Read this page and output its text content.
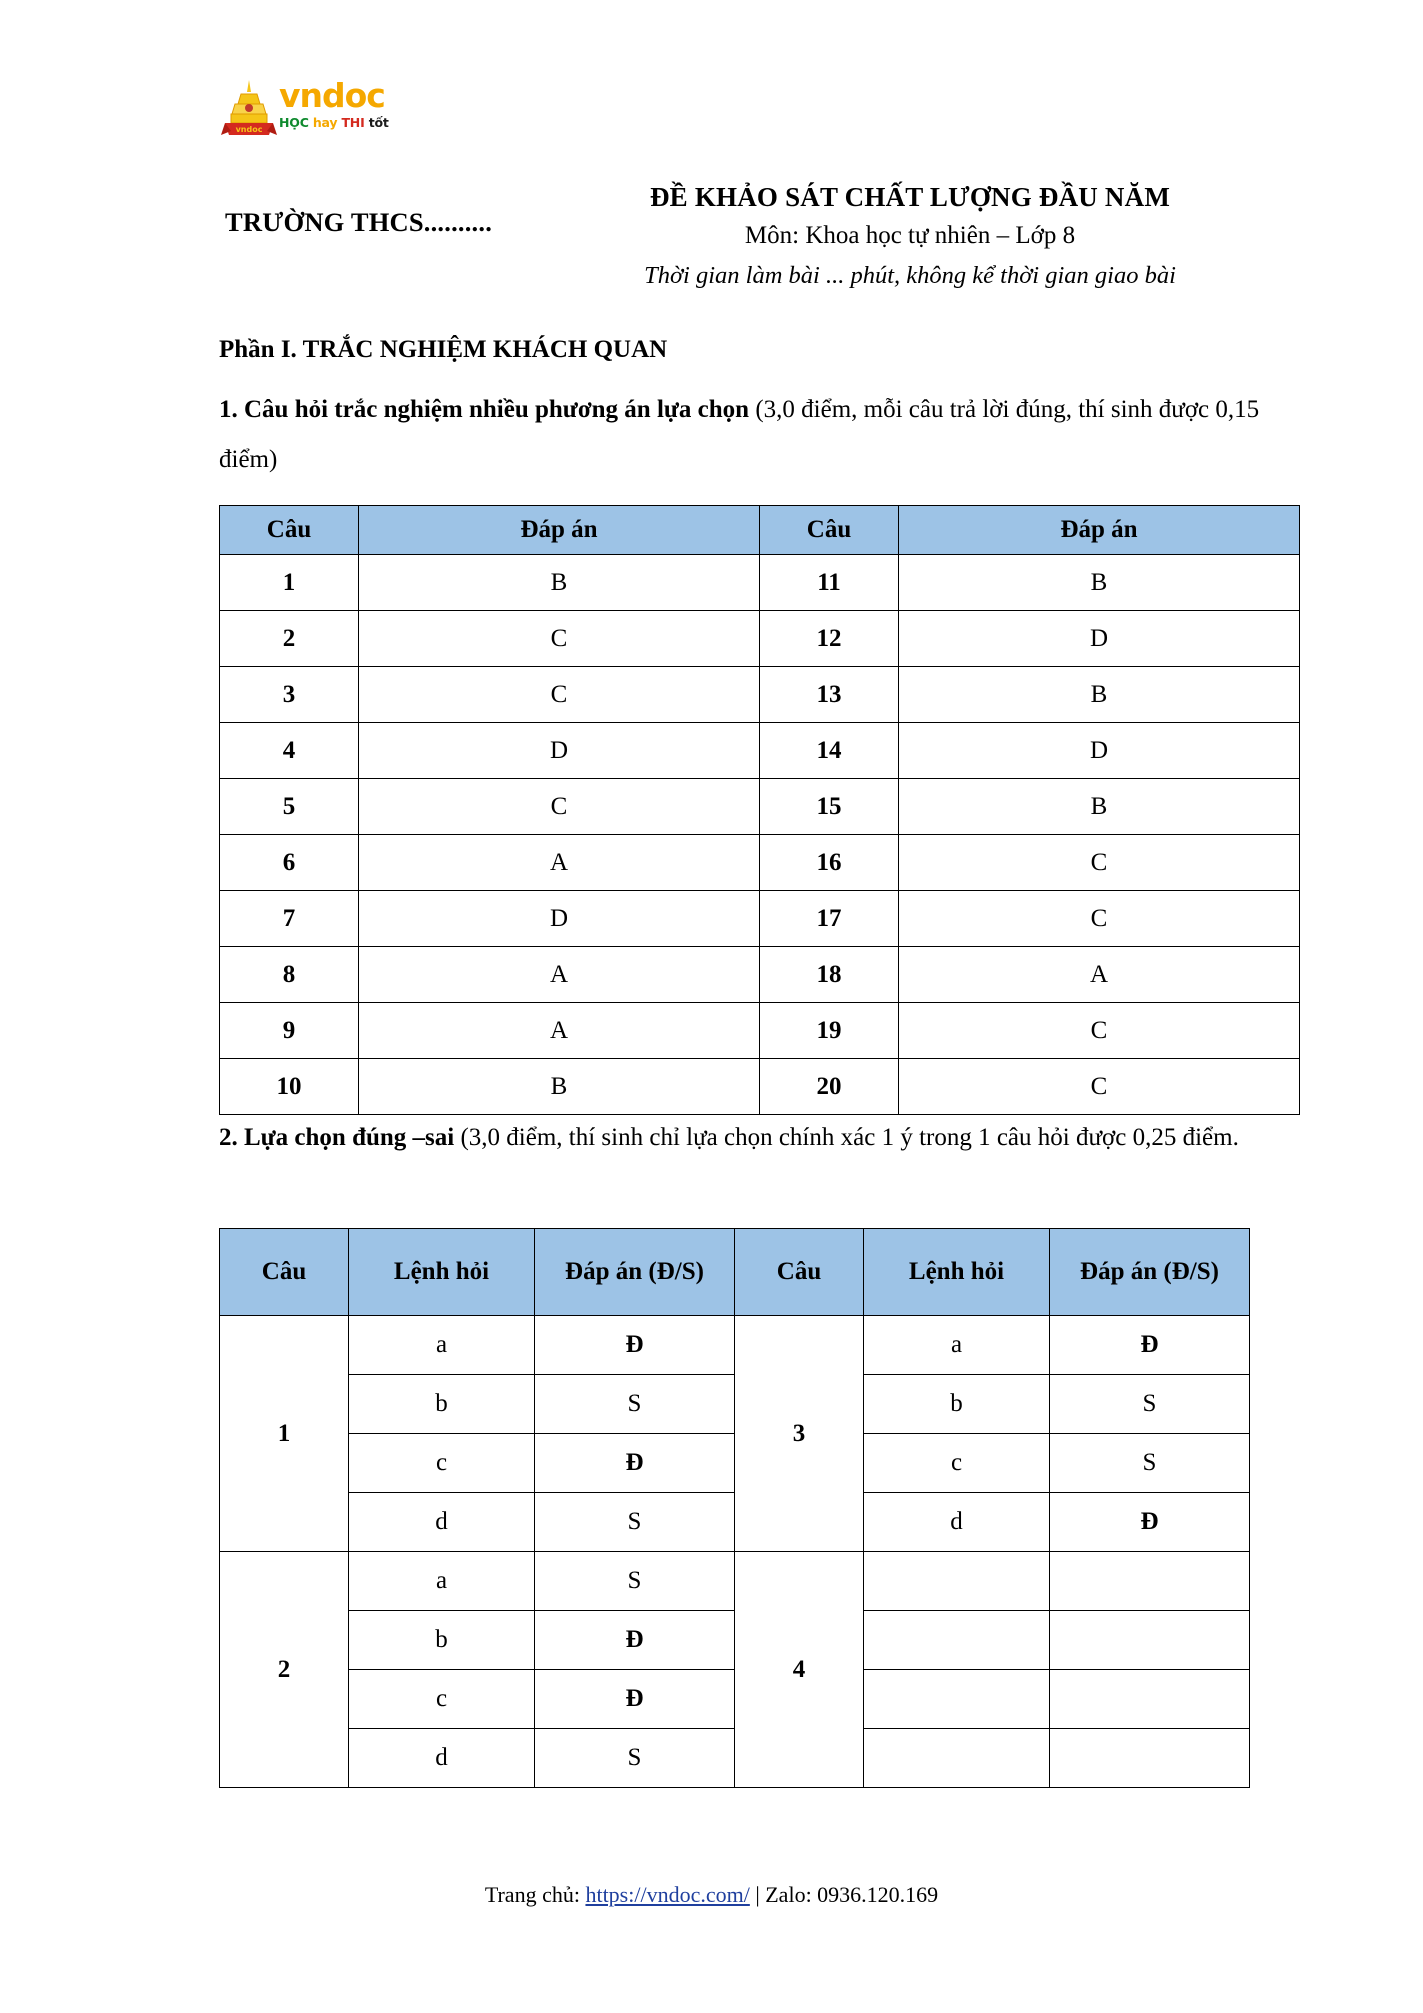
vndoc
vndoc HỌC hay THI tốt
TRƯỜNG THCS..........
ĐỀ KHẢO SÁT CHẤT LƯỢNG ĐẦU NĂM
Môn: Khoa học tự nhiên – Lớp 8
Thời gian làm bài ... phút, không kể thời gian giao bài
Phần I. TRẮC NGHIỆM KHÁCH QUAN
1. Câu hỏi trắc nghiệm nhiều phương án lựa chọn (3,0 điểm, mỗi câu trả lời đúng, thí sinh được 0,15 điểm)
Câu	Đáp án	Câu	Đáp án
1	B	11	B
2	C	12	D
3	C	13	B
4	D	14	D
5	C	15	B
6	A	16	C
7	D	17	C
8	A	18	A
9	A	19	C
10	B	20	C
2. Lựa chọn đúng –sai (3,0 điểm, thí sinh chỉ lựa chọn chính xác 1 ý trong 1 câu hỏi được 0,25 điểm.
Câu	Lệnh hỏi	Đáp án (Đ/S)	Câu	Lệnh hỏi	Đáp án (Đ/S)
1	a	Đ	3	a	Đ
	b	S		b	S
	c	Đ		c	S
	d	S		d	Đ
2	a	S	4		
	b	Đ			
	c	Đ			
	d	S			
Trang chủ: https://vndoc.com/ | Zalo: 0936.120.169
